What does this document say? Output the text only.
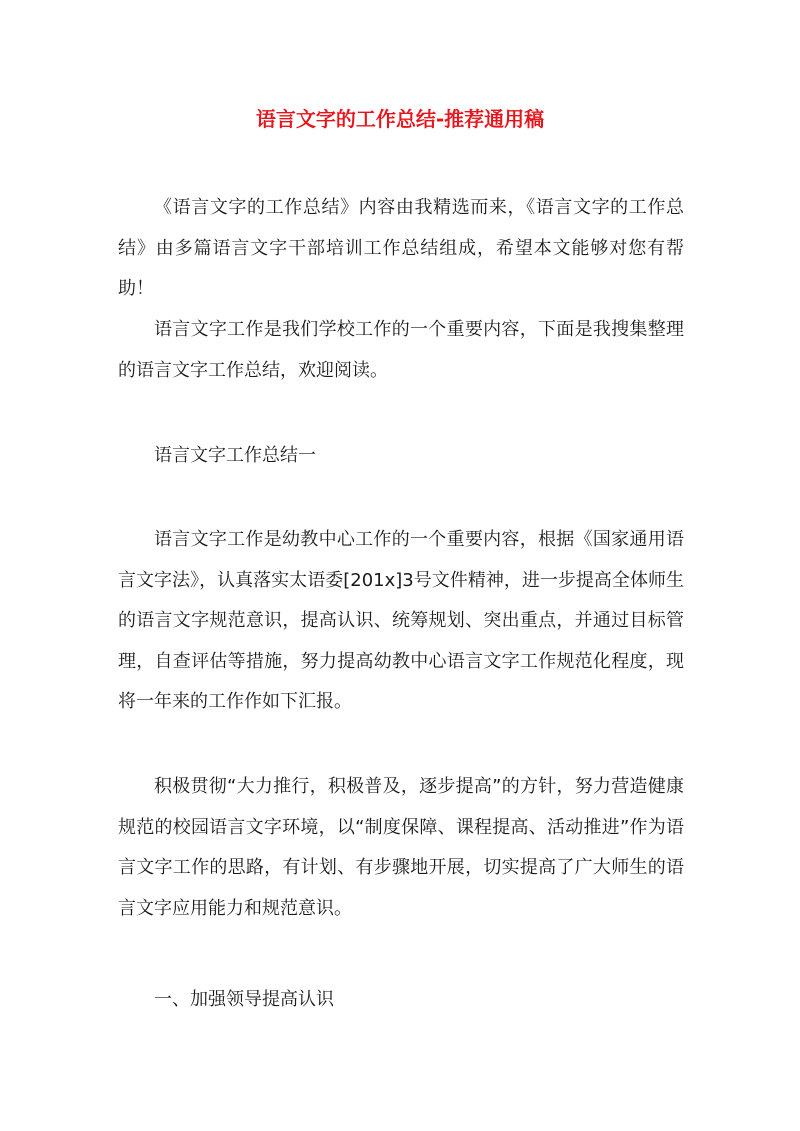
语言文字的工作总结-推荐通用稿
《语言文字的工作总结》内容由我精选而来，《语言文字的工作总结》由多篇语言文字干部培训工作总结组成，希望本文能够对您有帮助！
语言文字工作是我们学校工作的一个重要内容，下面是我搜集整理的语言文字工作总结，欢迎阅读。
语言文字工作总结一
语言文字工作是幼教中心工作的一个重要内容，根据《国家通用语言文字法》，认真落实太语委[201x]3号文件精神，进一步提高全体师生的语言文字规范意识，提高认识、统筹规划、突出重点，并通过目标管理，自查评估等措施，努力提高幼教中心语言文字工作规范化程度，现将一年来的工作作如下汇报。
积极贯彻“大力推行，积极普及，逐步提高”的方针，努力营造健康规范的校园语言文字环境，以“制度保障、课程提高、活动推进”作为语言文字工作的思路，有计划、有步骤地开展，切实提高了广大师生的语言文字应用能力和规范意识。
一、加强领导提高认识
